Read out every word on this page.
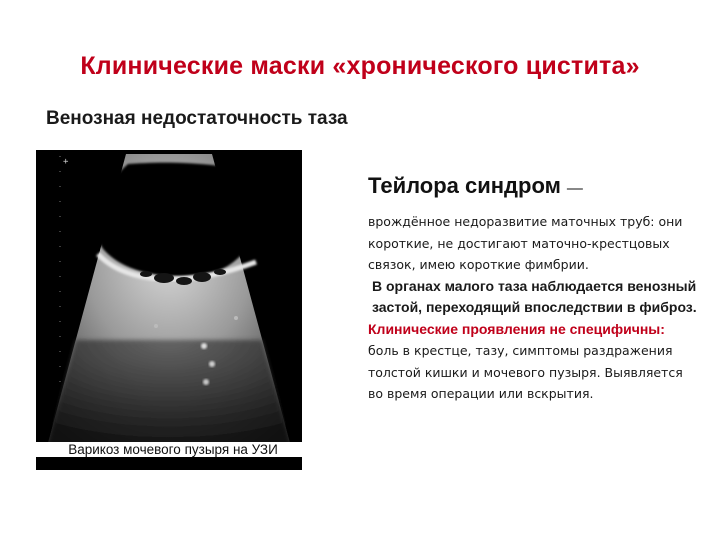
Клинические маски «хронического цистита»
Венозная недостаточность таза
+
Варикоз мочевого пузыря на УЗИ
Тейлора синдром —

врождённое недоразвитие маточных труб: они короткие, не достигают маточно-крестцовых связок, имею короткие фимбрии.

В органах малого таза наблюдается венозный застой, переходящий впоследствии в фиброз.

Клинические проявления не специфичны: боль в крестце, тазу, симптомы раздражения толстой кишки и мочевого пузыря. Выявляется во время операции или вскрытия.
